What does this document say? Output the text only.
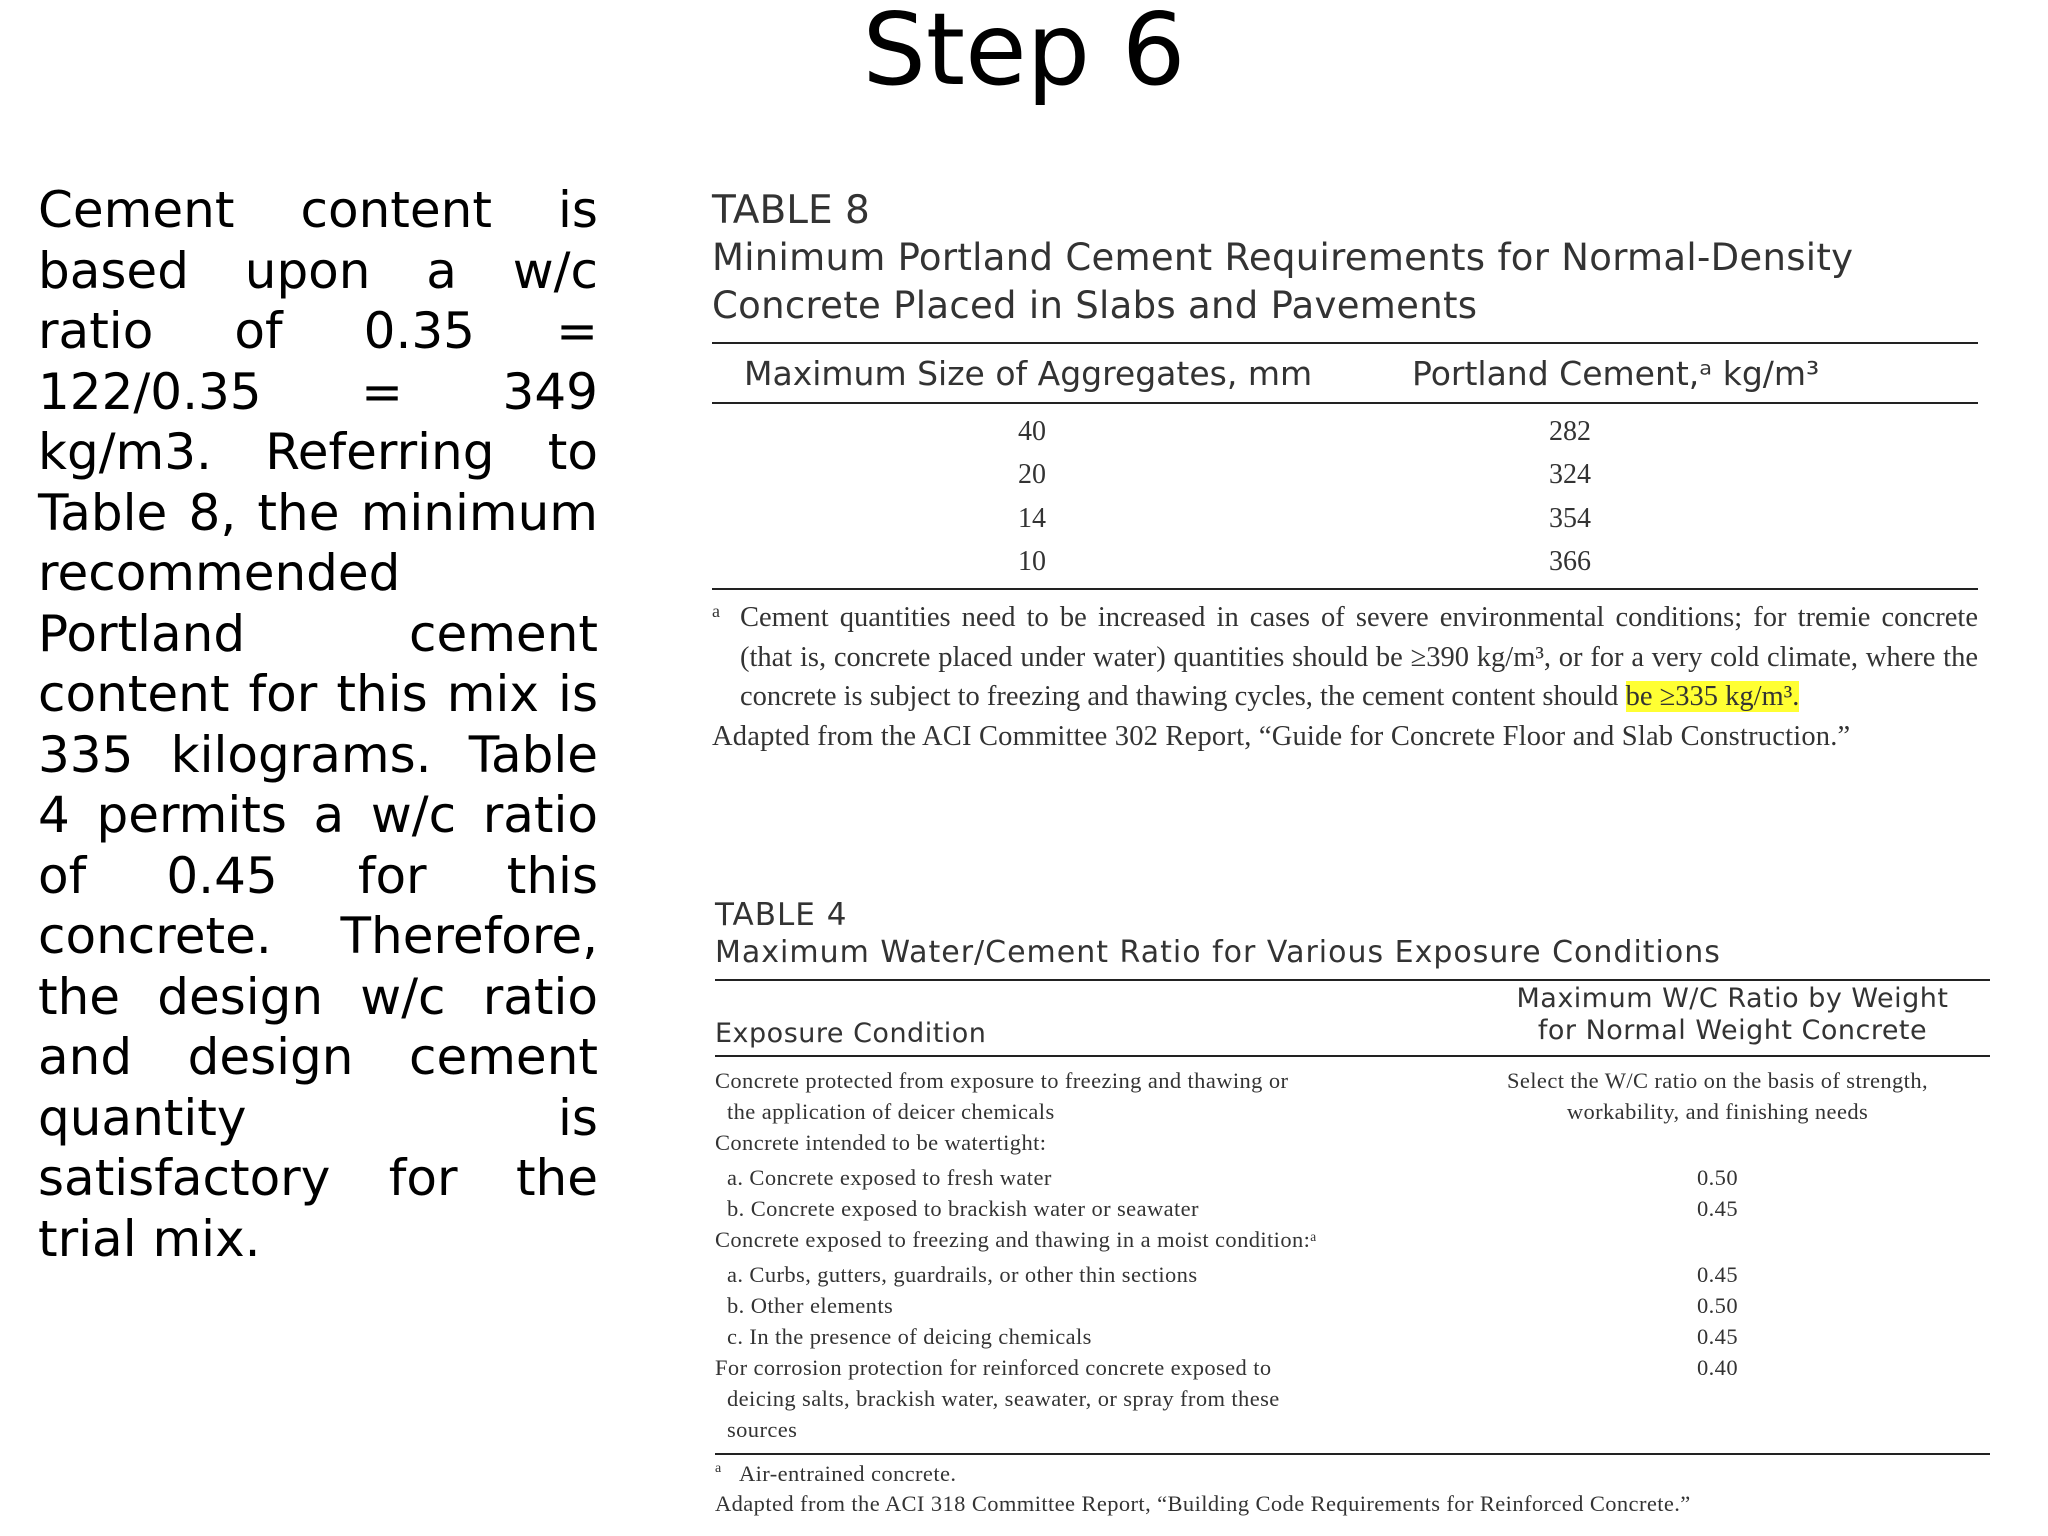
Step 6
Cement content is based upon a w/c ratio of 0.35 = 122/0.35 = 349 kg/m3. Referring to Table 8, the minimum recommended Portland cement content for this mix is 335 kilograms. Table 4 permits a w/c ratio of 0.45 for this concrete. Therefore, the design w/c ratio and design cement quantity is satisfactory for the trial mix.
TABLE 8
Minimum Portland Cement Requirements for Normal-Density
Concrete Placed in Slabs and Pavements
Maximum Size of Aggregates, mm	Portland Cement,ᵃ kg/m³
40	282
20	324
14	354
10	366
a Cement quantities need to be increased in cases of severe environmental conditions; for tremie concrete (that is, concrete placed under water) quantities should be ≥390 kg/m³, or for a very cold climate, where the concrete is subject to freezing and thawing cycles, the cement content should be ≥335 kg/m³.
Adapted from the ACI Committee 302 Report, “Guide for Concrete Floor and Slab Construction.”
TABLE 4
Maximum Water/Cement Ratio for Various Exposure Conditions
Exposure Condition
Maximum W/C Ratio by Weight
for Normal Weight Concrete
Concrete protected from exposure to freezing and thawing or	Select the W/C ratio on the basis of strength,
the application of deicer chemicals	workability, and finishing needs
Concrete intended to be watertight:
a. Concrete exposed to fresh water	0.50
b. Concrete exposed to brackish water or seawater	0.45
Concrete exposed to freezing and thawing in a moist condition:ᵃ
a. Curbs, gutters, guardrails, or other thin sections	0.45
b. Other elements	0.50
c. In the presence of deicing chemicals	0.45
For corrosion protection for reinforced concrete exposed to	0.40
deicing salts, brackish water, seawater, or spray from these
sources
a Air-entrained concrete.
Adapted from the ACI 318 Committee Report, “Building Code Requirements for Reinforced Concrete.”
